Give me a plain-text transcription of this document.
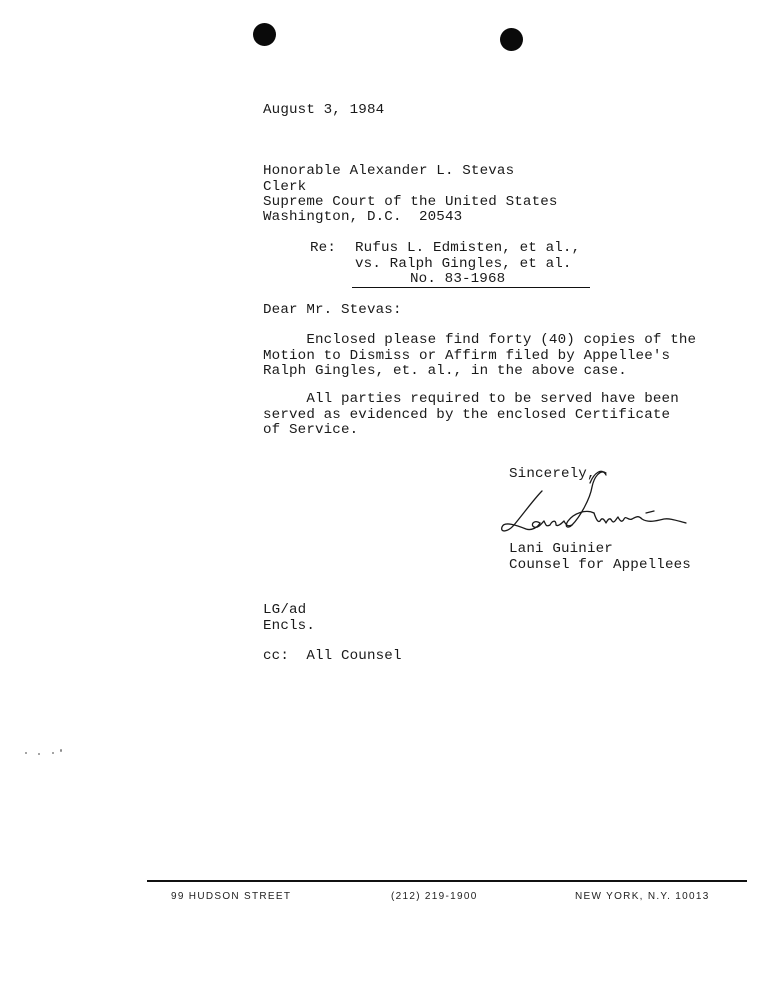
August 3, 1984
Honorable Alexander L. Stevas
Clerk
Supreme Court of the United States
Washington, D.C.  20543
Re: Rufus L. Edmisten, et al.,
vs. Ralph Gingles, et al.
No. 83-1968
Dear Mr. Stevas:
Enclosed please find forty (40) copies of the
Motion to Dismiss or Affirm filed by Appellee's
Ralph Gingles, et. al., in the above case.
All parties required to be served have been
served as evidenced by the enclosed Certificate
of Service.
Sincerely,
Lani Guinier
Counsel for Appellees
LG/ad
Encls.
cc:  All Counsel
99 HUDSON STREET	(212) 219-1900	NEW YORK, N.Y. 10013
